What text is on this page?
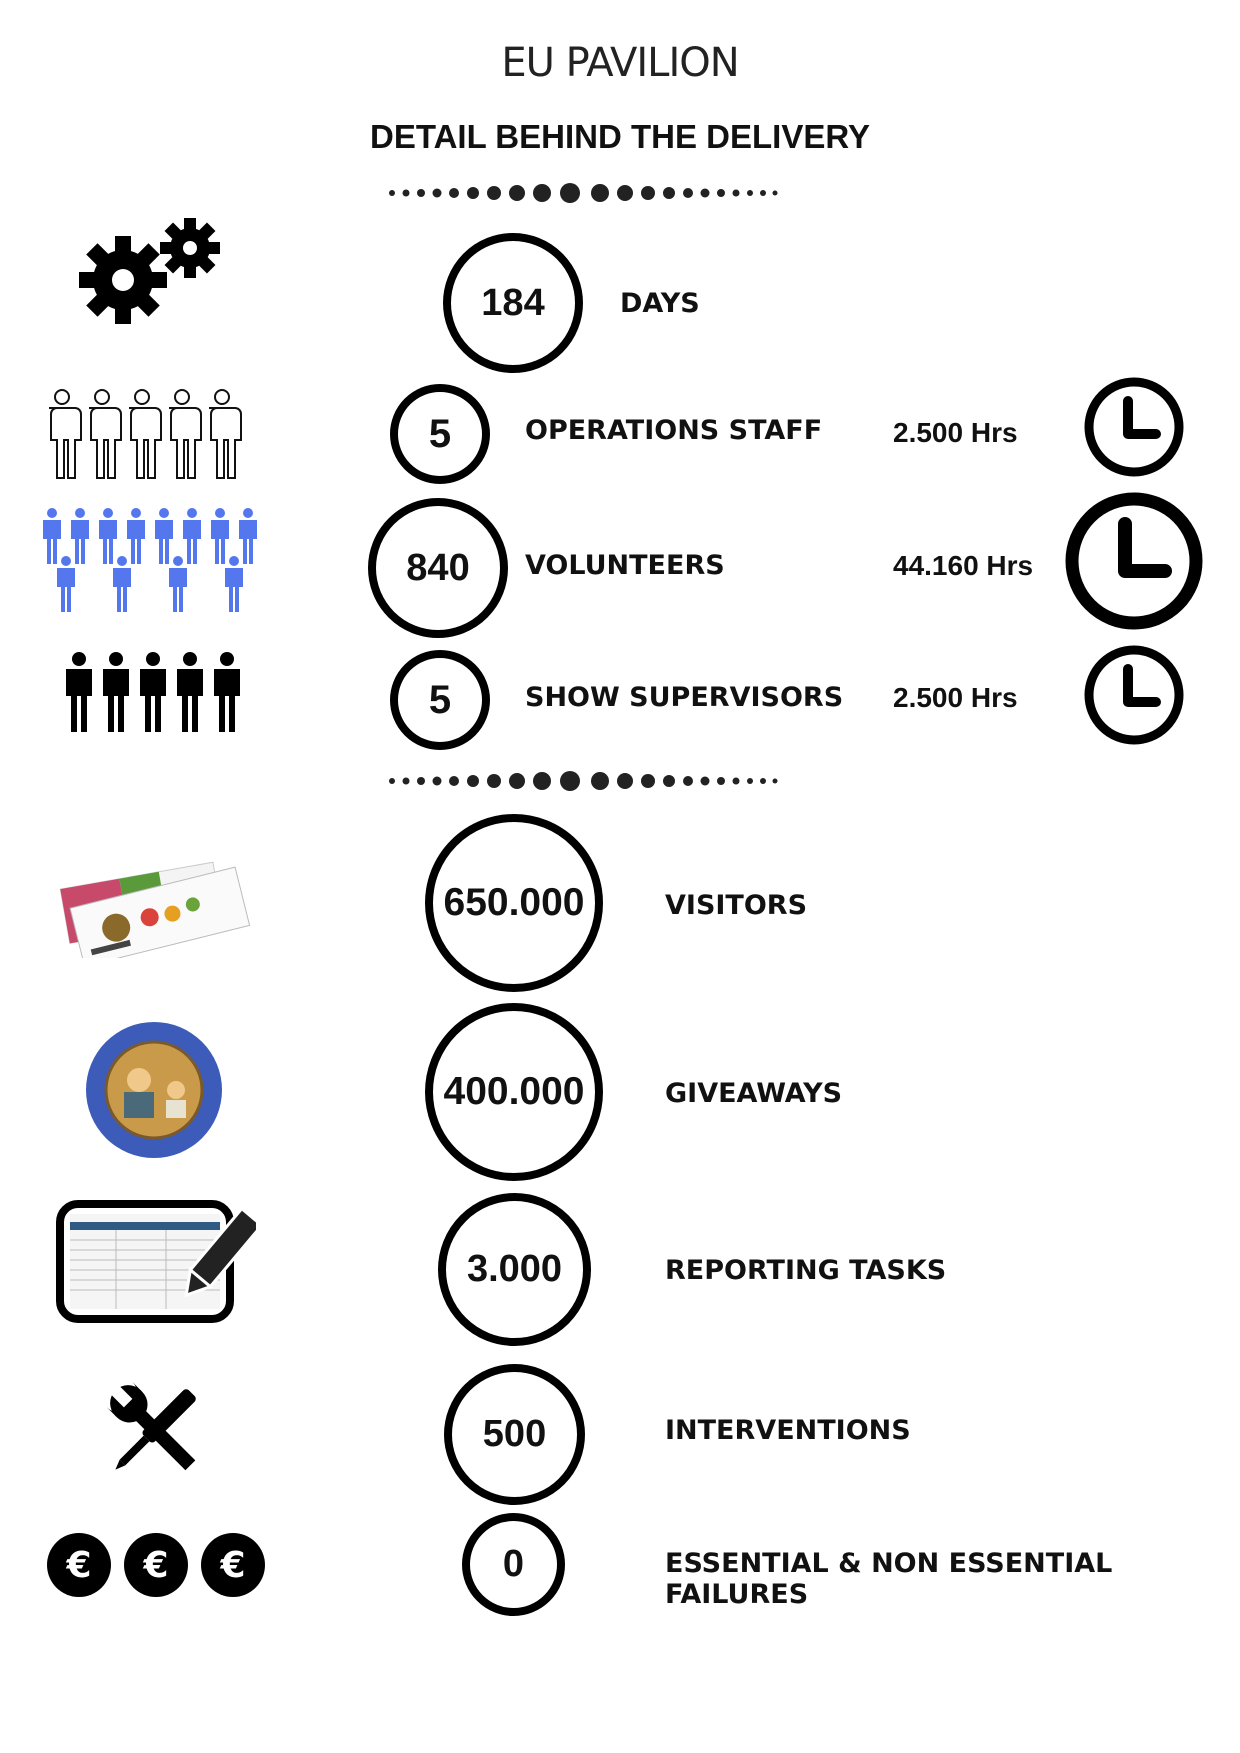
EU PAVILION
DETAIL BEHIND THE DELIVERY
184	DAYS
5	OPERATIONS STAFF	2.500 Hrs
840	VOLUNTEERS	44.160 Hrs
5	SHOW SUPERVISORS 2.500 Hrs
650.000	VISITORS
400.000	GIVEAWAYS
3.000	REPORTING TASKS
500	INTERVENTIONS
€ € €	0	ESSENTIAL & NON ESSENTIAL FAILURES
